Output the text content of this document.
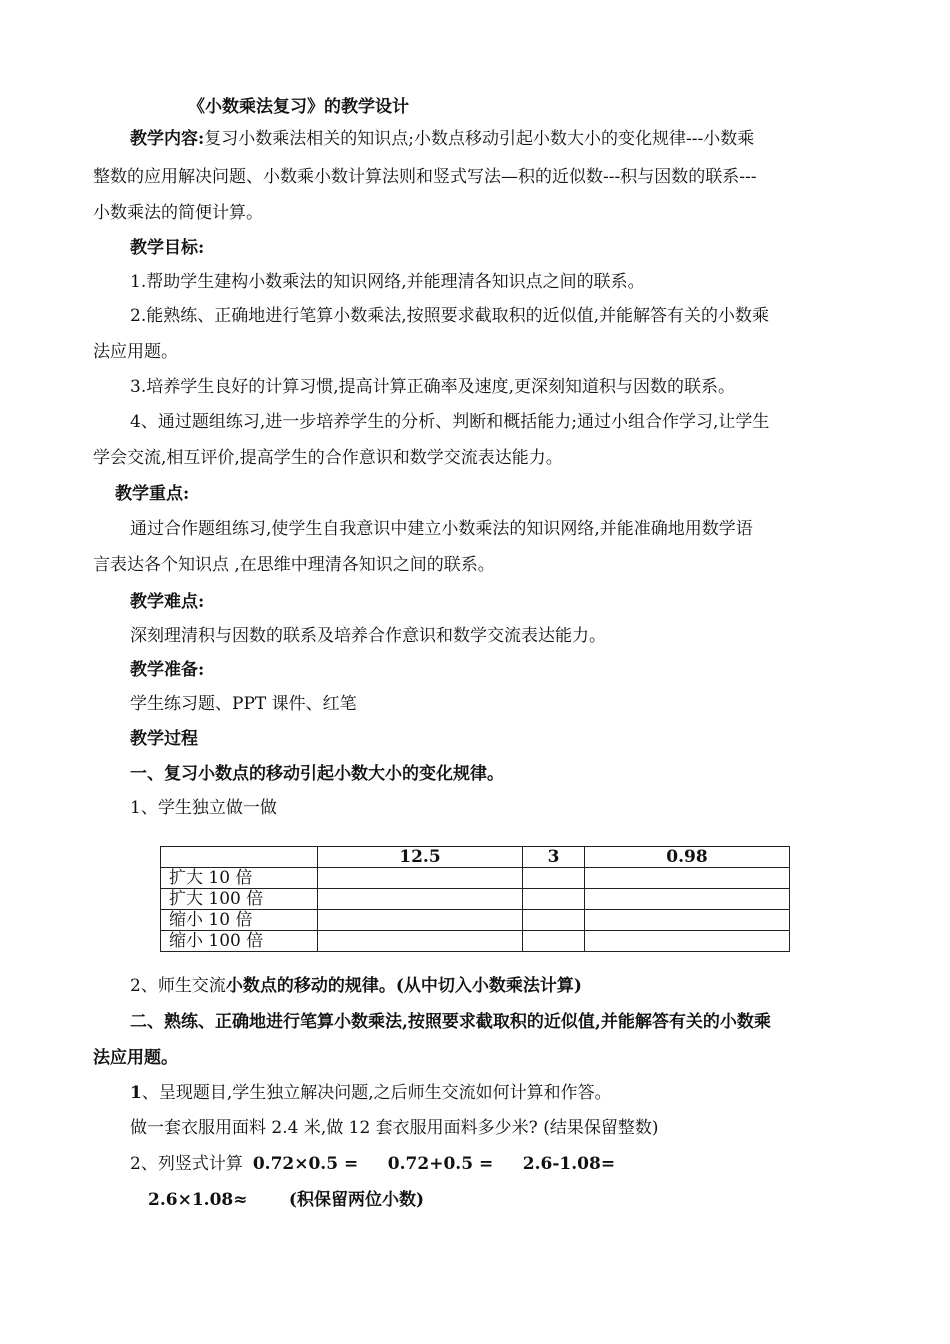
《小数乘法复习》的教学设计
教学内容:复习小数乘法相关的知识点;小数点移动引起小数大小的变化规律---小数乘
整数的应用解决问题、小数乘小数计算法则和竖式写法—积的近似数---积与因数的联系---
小数乘法的简便计算。
教学目标:
1.帮助学生建构小数乘法的知识网络,并能理清各知识点之间的联系。
2.能熟练、正确地进行笔算小数乘法,按照要求截取积的近似值,并能解答有关的小数乘
法应用题。
3.培养学生良好的计算习惯,提高计算正确率及速度,更深刻知道积与因数的联系。
4、通过题组练习,进一步培养学生的分析、判断和概括能力;通过小组合作学习,让学生
学会交流,相互评价,提高学生的合作意识和数学交流表达能力。
教学重点:
通过合作题组练习,使学生自我意识中建立小数乘法的知识网络,并能准确地用数学语
言表达各个知识点 ,在思维中理清各知识之间的联系。
教学难点:
深刻理清积与因数的联系及培养合作意识和数学交流表达能力。
教学准备:
学生练习题、PPT 课件、红笔
教学过程
一、复习小数点的移动引起小数大小的变化规律。
1、学生独立做一做
	12.5	3	0.98
扩大 10 倍			
扩大 100 倍			
缩小 10 倍			
缩小 100 倍			
2、师生交流小数点的移动的规律。(从中切入小数乘法计算)
二、熟练、正确地进行笔算小数乘法,按照要求截取积的近似值,并能解答有关的小数乘
法应用题。
1、呈现题目,学生独立解决问题,之后师生交流如何计算和作答。
做一套衣服用面料 2.4 米,做 12 套衣服用面料多少米? (结果保留整数)
2、列竖式计算 0.72×0.5 =     0.72+0.5 =     2.6-1.08=
2.6×1.08≈       (积保留两位小数)
